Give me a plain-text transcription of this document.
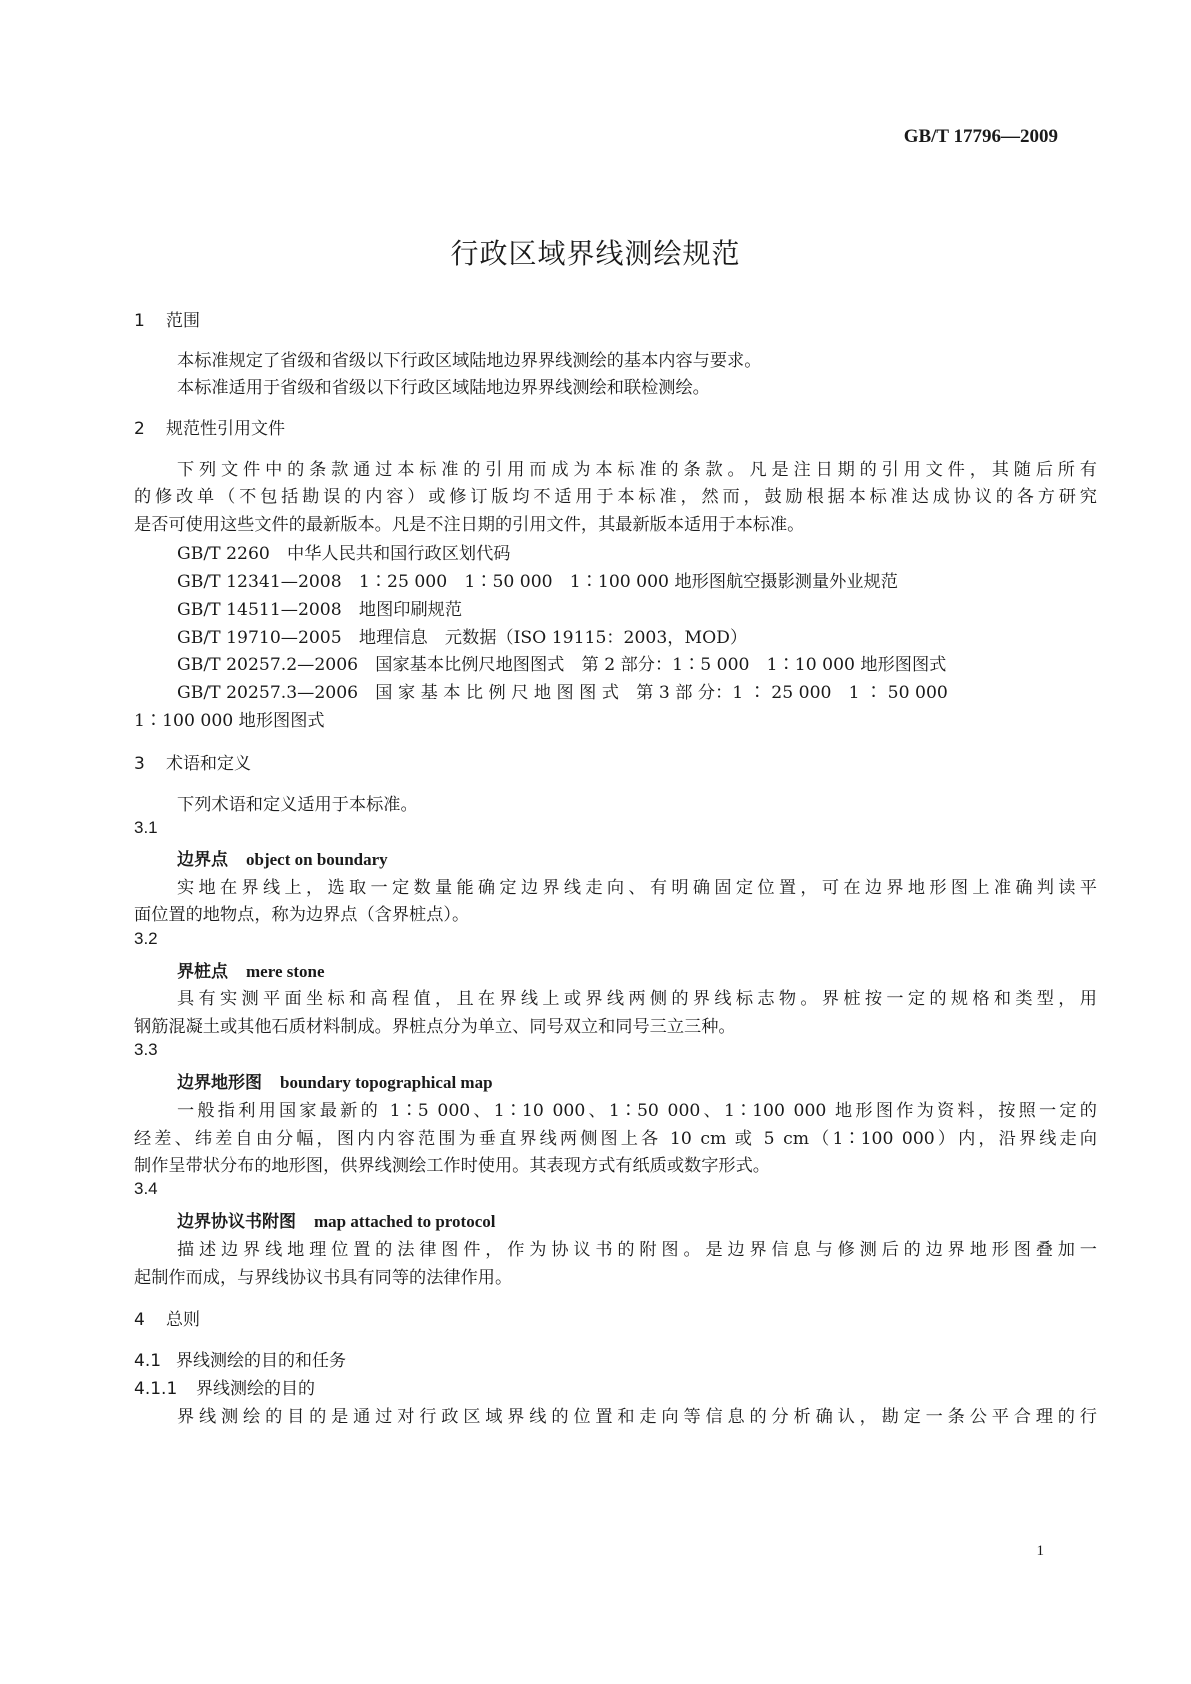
GB/T 17796—2009
行政区域界线测绘规范
1 范围
本标准规定了省级和省级以下行政区域陆地边界界线测绘的基本内容与要求。
本标准适用于省级和省级以下行政区域陆地边界界线测绘和联检测绘。
2 规范性引用文件
下列文件中的条款通过本标准的引用而成为本标准的条款。凡是注日期的引用文件，其随后所有
的修改单（不包括勘误的内容）或修订版均不适用于本标准，然而，鼓励根据本标准达成协议的各方研究
是否可使用这些文件的最新版本。凡是不注日期的引用文件，其最新版本适用于本标准。
GB/T 2260　 中华人民共和国行政区划代码
GB/T 12341—2008　 1∶25 000　1∶50 000　1∶100 000 地形图航空摄影测量外业规范
GB/T 14511—2008　 地图印刷规范
GB/T 19710—2005　 地理信息　元数据（ISO 19115：2003，MOD）
GB/T 20257.2—2006　 国家基本比例尺地图图式　第 2 部分：1∶5 000　1∶10 000 地形图图式
GB/T 20257.3—2006　 国 家 基 本 比 例 尺 地 图 图 式　第 3 部 分：1 ∶ 25 000　1 ∶ 50 000
1∶100 000 地形图图式
3 术语和定义
下列术语和定义适用于本标准。
3.1
边界点 object on boundary
实地在界线上，选取一定数量能确定边界线走向、有明确固定位置，可在边界地形图上准确判读平
面位置的地物点，称为边界点（含界桩点）。
3.2
界桩点 mere stone
具有实测平面坐标和高程值，且在界线上或界线两侧的界线标志物。界桩按一定的规格和类型，用
钢筋混凝土或其他石质材料制成。界桩点分为单立、同号双立和同号三立三种。
3.3
边界地形图 boundary topographical map
一般指利用国家最新的 1∶5 000、1∶10 000、1∶50 000、1∶100 000 地形图作为资料，按照一定的
经差、纬差自由分幅，图内内容范围为垂直界线两侧图上各 10 cm 或 5 cm（1∶100 000）内，沿界线走向
制作呈带状分布的地形图，供界线测绘工作时使用。其表现方式有纸质或数字形式。
3.4
边界协议书附图 map attached to protocol
描述边界线地理位置的法律图件，作为协议书的附图。是边界信息与修测后的边界地形图叠加一
起制作而成，与界线协议书具有同等的法律作用。
4 总则
4.1 界线测绘的目的和任务
4.1.1 界线测绘的目的
界线测绘的目的是通过对行政区域界线的位置和走向等信息的分析确认，勘定一条公平合理的行
1
